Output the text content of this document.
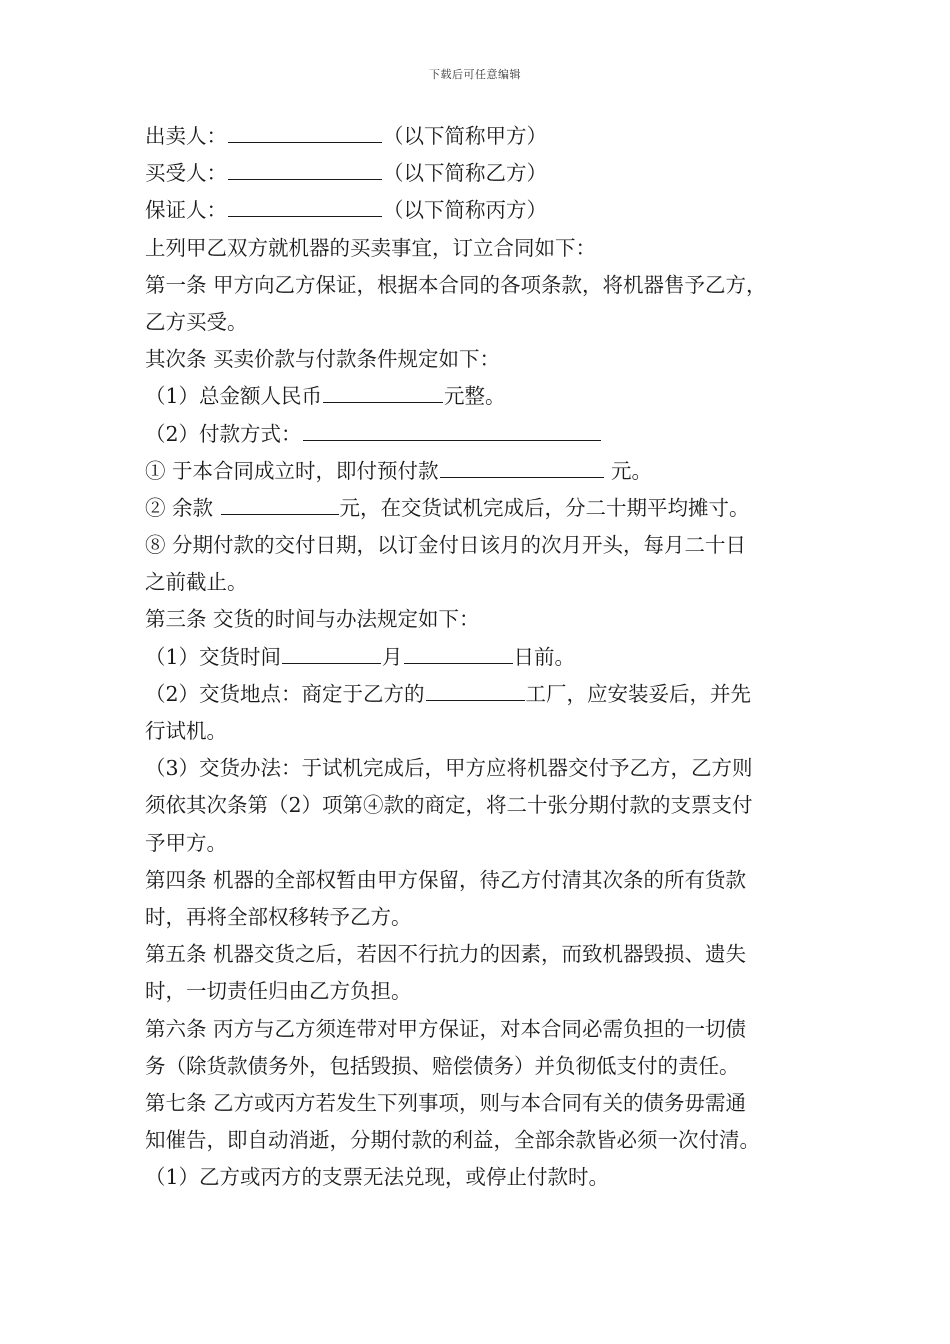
下载后可任意编辑
出卖人：	（以下简称甲方）
买受人：	（以下简称乙方）
保证人：	（以下简称丙方）
上列甲乙双方就机器的买卖事宜，订立合同如下：
第一条 甲方向乙方保证，根据本合同的各项条款，将机器售予乙方，
乙方买受。
其次条 买卖价款与付款条件规定如下：
（1）总金额人民币	元整。
（2）付款方式：
① 于本合同成立时，即付预付款	元。
② 余款	元，在交货试机完成后，分二十期平均摊寸。
⑧ 分期付款的交付日期，以订金付日该月的次月开头，每月二十日
之前截止。
第三条 交货的时间与办法规定如下：
（1）交货时间	月	日前。
（2）交货地点：商定于乙方的	工厂，应安装妥后，并先
行试机。
（3）交货办法：于试机完成后，甲方应将机器交付予乙方，乙方则
须依其次条第（2）项第④款的商定，将二十张分期付款的支票支付
予甲方。
第四条 机器的全部权暂由甲方保留，待乙方付清其次条的所有货款
时，再将全部权移转予乙方。
第五条 机器交货之后，若因不行抗力的因素，而致机器毁损、遗失
时，一切责任归由乙方负担。
第六条 丙方与乙方须连带对甲方保证，对本合同必需负担的一切债
务（除货款债务外，包括毁损、赔偿债务）并负彻低支付的责任。
第七条 乙方或丙方若发生下列事项，则与本合同有关的债务毋需通
知催告，即自动消逝，分期付款的利益，全部余款皆必须一次付清。
（1）乙方或丙方的支票无法兑现，或停止付款时。
